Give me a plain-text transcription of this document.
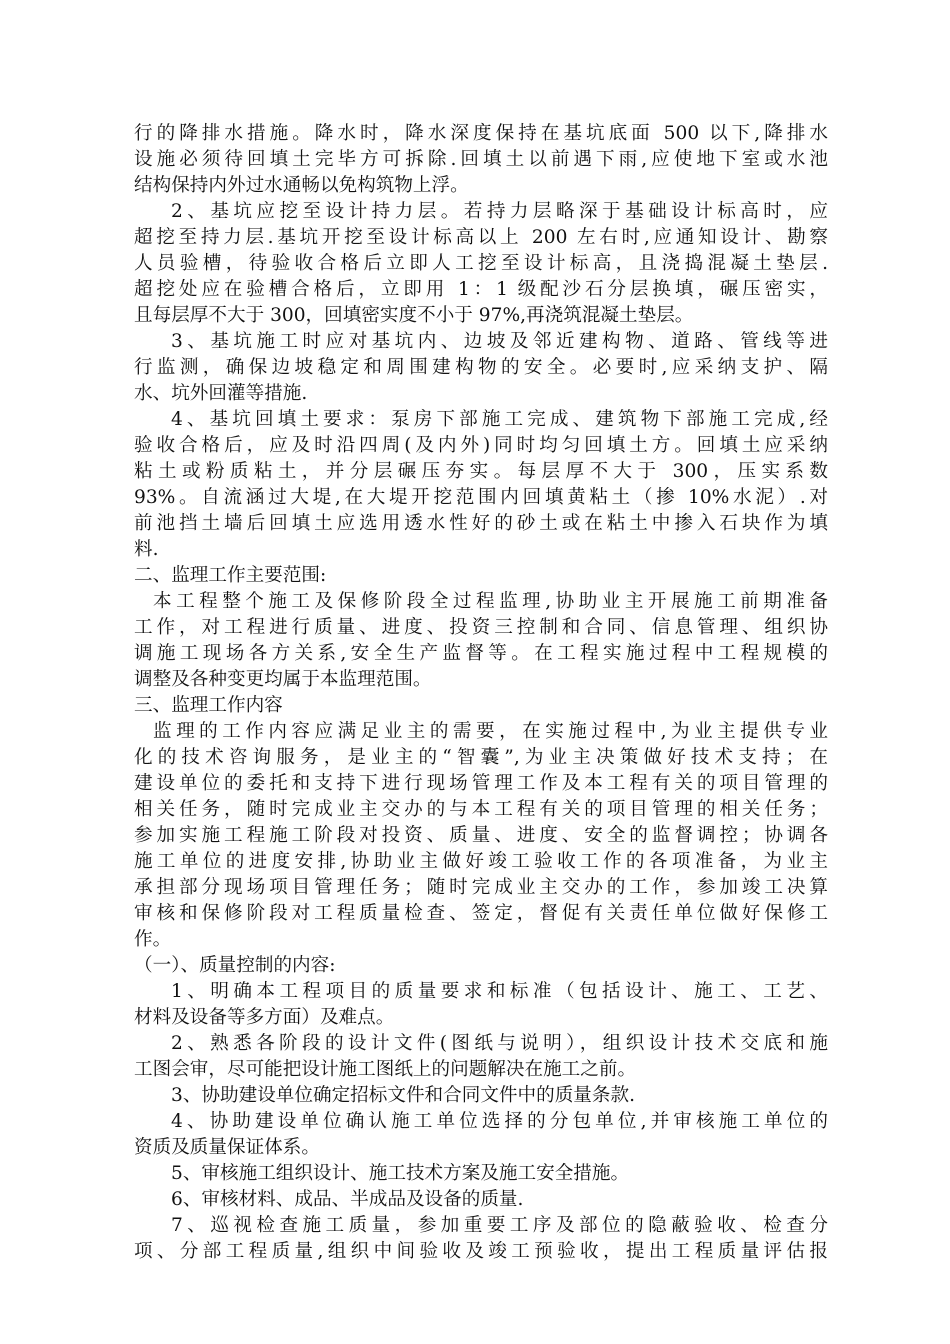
行的降排水措施。降水时，降水深度保持在基坑底面 500 以下,降排水
设施必须待回填土完毕方可拆除.回填土以前遇下雨,应使地下室或水池
结构保持内外过水通畅以免构筑物上浮。
2、基坑应挖至设计持力层。若持力层略深于基础设计标高时，应
超挖至持力层.基坑开挖至设计标高以上 200 左右时,应通知设计、勘察
人员验槽，待验收合格后立即人工挖至设计标高，且浇捣混凝土垫层.
超挖处应在验槽合格后，立即用 1：1 级配沙石分层换填，碾压密实，
且每层厚不大于 300，回填密实度不小于 97%,再浇筑混凝土垫层。
3、基坑施工时应对基坑内、边坡及邻近建构物、道路、管线等进
行监测，确保边坡稳定和周围建构物的安全。必要时,应采纳支护、隔
水、坑外回灌等措施.
4、基坑回填土要求：泵房下部施工完成、建筑物下部施工完成,经
验收合格后，应及时沿四周(及内外)同时均匀回填土方。回填土应采纳
粘土或粉质粘土，并分层碾压夯实。每层厚不大于 300，压实系数
93%。自流涵过大堤,在大堤开挖范围内回填黄粘土（掺 10%水泥）.对
前池挡土墙后回填土应选用透水性好的砂土或在粘土中掺入石块作为填
料.
二、监理工作主要范围:
本工程整个施工及保修阶段全过程监理,协助业主开展施工前期准备
工作，对工程进行质量、进度、投资三控制和合同、信息管理、组织协
调施工现场各方关系,安全生产监督等。在工程实施过程中工程规模的
调整及各种变更均属于本监理范围。
三、监理工作内容
监理的工作内容应满足业主的需要，在实施过程中,为业主提供专业
化的技术咨询服务，是业主的“智囊”,为业主决策做好技术支持；在
建设单位的委托和支持下进行现场管理工作及本工程有关的项目管理的
相关任务，随时完成业主交办的与本工程有关的项目管理的相关任务；
参加实施工程施工阶段对投资、质量、进度、安全的监督调控；协调各
施工单位的进度安排,协助业主做好竣工验收工作的各项准备，为业主
承担部分现场项目管理任务；随时完成业主交办的工作，参加竣工决算
审核和保修阶段对工程质量检查、签定，督促有关责任单位做好保修工
作。
（一）、质量控制的内容:
1、明确本工程项目的质量要求和标准（包括设计、施工、工艺、
材料及设备等多方面）及难点。
2、熟悉各阶段的设计文件(图纸与说明），组织设计技术交底和施
工图会审，尽可能把设计施工图纸上的问题解决在施工之前。
3、协助建设单位确定招标文件和合同文件中的质量条款.
4、协助建设单位确认施工单位选择的分包单位,并审核施工单位的
资质及质量保证体系。
5、审核施工组织设计、施工技术方案及施工安全措施。
6、审核材料、成品、半成品及设备的质量.
7、巡视检查施工质量，参加重要工序及部位的隐蔽验收、检查分
项、分部工程质量,组织中间验收及竣工预验收，提出工程质量评估报
